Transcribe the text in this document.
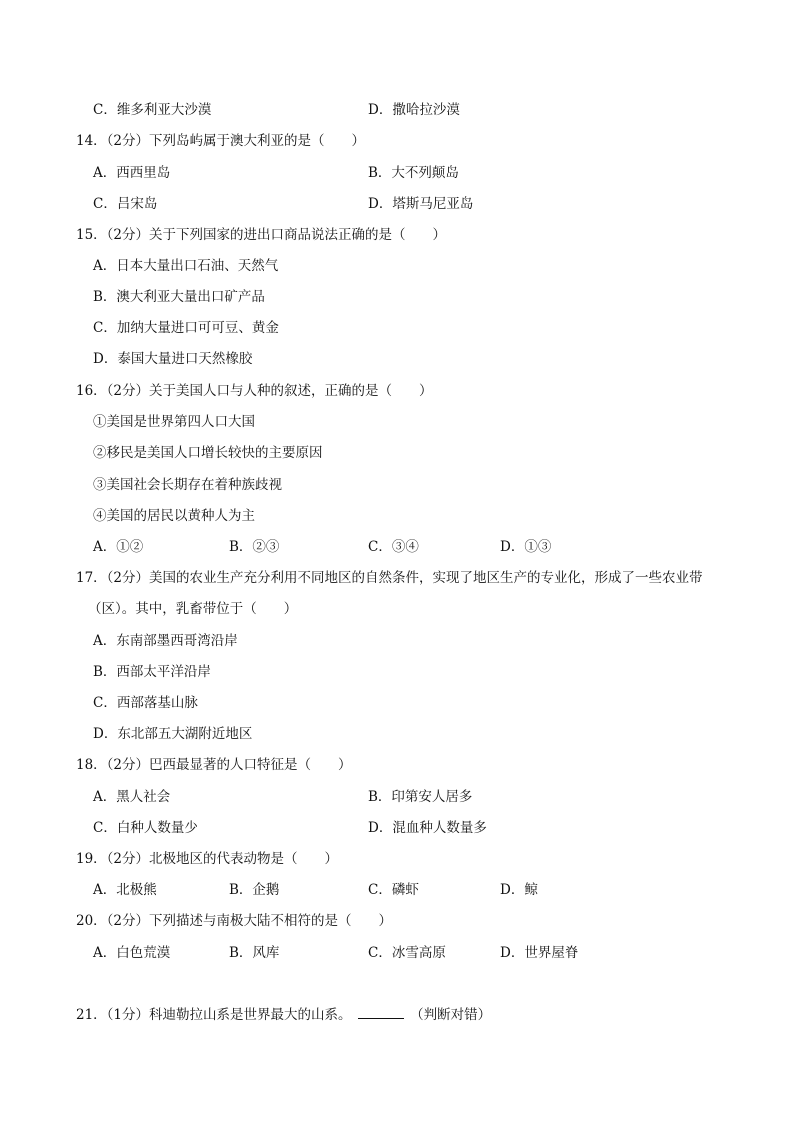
C．维多利亚大沙漠	D．撒哈拉沙漠
14．（2分）下列岛屿属于澳大利亚的是（　　）
A．西西里岛	B．大不列颠岛
C．吕宋岛	D．塔斯马尼亚岛
15．（2分）关于下列国家的进出口商品说法正确的是（　　）
A．日本大量出口石油、天然气
B．澳大利亚大量出口矿产品
C．加纳大量进口可可豆、黄金
D．泰国大量进口天然橡胶
16．（2分）关于美国人口与人种的叙述，正确的是（　　）
①美国是世界第四人口大国
②移民是美国人口增长较快的主要原因
③美国社会长期存在着种族歧视
④美国的居民以黄种人为主
A．①②	B．②③	C．③④	D．①③
17．（2分）美国的农业生产充分利用不同地区的自然条件，实现了地区生产的专业化，形成了一些农业带
（区）。其中，乳畜带位于（　　）
A．东南部墨西哥湾沿岸
B．西部太平洋沿岸
C．西部落基山脉
D．东北部五大湖附近地区
18．（2分）巴西最显著的人口特征是（　　）
A．黑人社会	B．印第安人居多
C．白种人数量少	D．混血种人数量多
19．（2分）北极地区的代表动物是（　　）
A．北极熊	B．企鹅	C．磷虾	D．鲸
20．（2分）下列描述与南极大陆不相符的是（　　）
A．白色荒漠	B．风库	C．冰雪高原	D．世界屋脊
21．（1分）科迪勒拉山系是世界最大的山系。	（判断对错）
